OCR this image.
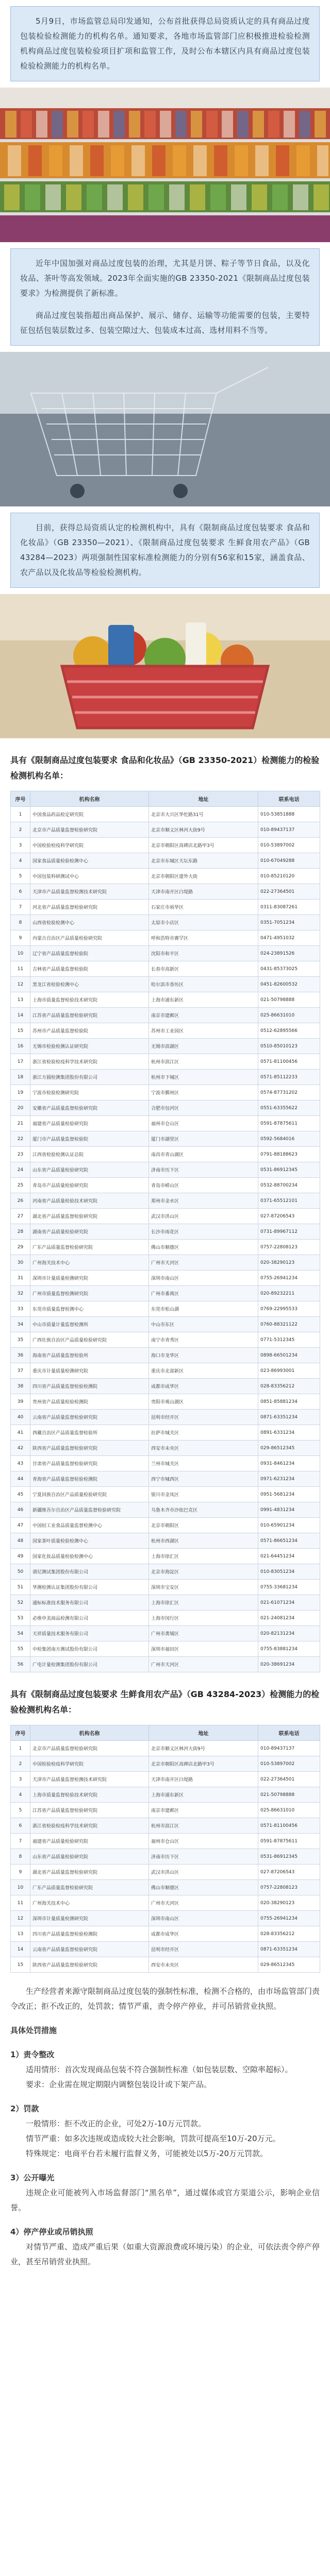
5月9日，市场监管总局印发通知，公布首批获得总局资质认定的具有商品过度包装检验检测能力的机构名单。通知要求，各地市场监管部门应积极推进检验检测机构商品过度包装检验项目扩项和监管工作，及时公布本辖区内具有商品过度包装检验检测能力的机构名单。

近年中国加强对商品过度包装的治理，尤其是月饼、粽子等节日食品，以及化妆品、茶叶等高发领域。2023年全面实施的GB 23350-2021《限制商品过度包装要求》为检测提供了新标准。

商品过度包装指超出商品保护、展示、储存、运输等功能需要的包装，主要特征包括包装层数过多、包装空隙过大、包装成本过高、选材用料不当等。

目前，获得总局资质认定的检测机构中，具有《限制商品过度包装要求 食品和化妆品》（GB 23350—2021）、《限制商品过度包装要求 生鲜食用农产品》（GB 43284—2023）两项强制性国家标准检测能力的分别有56家和15家，涵盖食品、农产品以及化妆品等检验检测机构。

具有《限制商品过度包装要求 食品和化妆品》（GB 23350-2021）检测能力的检验检测机构名单：
序号	机构名称	地址	联系电话
1	中国食品药品检定研究院	北京市大兴区华佗路31号	010-53851888
2	北京市产品质量监督检验研究院	北京市顺义区林河大街9号	010-89437137
3	中国检验检疫科学研究院	北京市朝阳区高碑店北路甲3号	010-53897002
4	国家食品质量检验检测中心	北京市东城区天坛东路	010-67049288
5	中国包装科研测试中心	北京市朝阳区建外大街	010-85210120
6	天津市产品质量监督检测技术研究院	天津市南开区白堤路	022-27364501
7	河北省产品质量监督检验研究院	石家庄市裕华区	0311-83087261
8	山西省检验检测中心	太原市小店区	0351-7051234
9	内蒙古自治区产品质量检验研究院	呼和浩特市赛罕区	0471-4951032
10	辽宁省产品质量监督检验院	沈阳市和平区	024-23891526
11	吉林省产品质量监督检验院	长春市高新区	0431-85373025
12	黑龙江省检验检测中心	哈尔滨市香坊区	0451-82600532
13	上海市质量监督检验技术研究院	上海市浦东新区	021-50798888
14	江苏省产品质量监督检验研究院	南京市建邺区	025-86631010
15	苏州市产品质量监督检验院	苏州市工业园区	0512-62895566
16	无锡市检验检测认证研究院	无锡市滨湖区	0510-85010123
17	浙江省检验检疫科学技术研究院	杭州市滨江区	0571-81100456
18	浙江方圆检测集团股份有限公司	杭州市下城区	0571-85112233
19	宁波市检验检测研究院	宁波市鄞州区	0574-87731202
20	安徽省产品质量监督检验研究院	合肥市包河区	0551-63355622
21	福建省产品质量检验研究院	福州市仓山区	0591-87875611
22	厦门市产品质量监督检验院	厦门市湖里区	0592-5684016
23	江西省检验检测认证总院	南昌市青山湖区	0791-88188623
24	山东省产品质量检验研究院	济南市历下区	0531-86912345
25	青岛市产品质量检验研究院	青岛市崂山区	0532-88700234
26	河南省产品质量检验技术研究院	郑州市金水区	0371-65512101
27	湖北省产品质量监督检验研究院	武汉市洪山区	027-87206543
28	湖南省产品质量检验研究院	长沙市雨花区	0731-89967112
29	广东产品质量监督检验研究院	佛山市顺德区	0757-22808123
30	广州海关技术中心	广州市天河区	020-38290123
31	深圳市计量质量检测研究院	深圳市南山区	0755-26941234
32	广州市质量监督检测研究院	广州市番禺区	020-89232211
33	东莞市质量监督检测中心	东莞市松山湖	0769-22995533
34	中山市质量计量监督检测所	中山市东区	0760-88321122
35	广西壮族自治区产品质量检验研究院	南宁市青秀区	0771-5312345
36	海南省产品质量监督检验所	海口市龙华区	0898-66501234
37	重庆市计量质量检测研究院	重庆市北部新区	023-86993001
38	四川省产品质量监督检验检测院	成都市成华区	028-83356212
39	贵州省产品质量检验检测院	贵阳市观山湖区	0851-85881234
40	云南省产品质量监督检验研究院	昆明市经开区	0871-63351234
41	西藏自治区产品质量监督检验所	拉萨市城关区	0891-6331234
42	陕西省产品质量监督检验研究院	西安市未央区	029-86512345
43	甘肃省产品质量监督检验研究院	兰州市城关区	0931-8461234
44	青海省产品质量监督检验检测院	西宁市城西区	0971-6231234
45	宁夏回族自治区产品质量检验研究院	银川市金凤区	0951-5681234
46	新疆维吾尔自治区产品质量监督检验研究院	乌鲁木齐市沙依巴克区	0991-4831234
47	中国轻工业食品质量监督检测中心	北京市朝阳区	010-65901234
48	国家茶叶质量检验检测中心	杭州市西湖区	0571-86651234
49	国家化妆品质量检验检测中心	上海市徐汇区	021-64451234
50	谱尼测试集团股份有限公司	北京市海淀区	010-83051234
51	华测检测认证集团股份有限公司	深圳市宝安区	0755-33681234
52	通标标准技术服务有限公司	上海市徐汇区	021-61071234
53	必维申美商品检测有限公司	上海市闵行区	021-24081234
54	天祥质量技术服务有限公司	广州市黄埔区	020-82131234
55	中检集团南方测试股份有限公司	深圳市福田区	0755-83881234
56	广电计量检测集团股份有限公司	广州市天河区	020-38691234
具有《限制商品过度包装要求 生鲜食用农产品》（GB 43284-2023）检测能力的检验检测机构名单：
序号	机构名称	地址	联系电话
1	北京市产品质量监督检验研究院	北京市顺义区林河大街9号	010-89437137
2	中国检验检疫科学研究院	北京市朝阳区高碑店北路甲3号	010-53897002
3	天津市产品质量监督检测技术研究院	天津市南开区白堤路	022-27364501
4	上海市质量监督检验技术研究院	上海市浦东新区	021-50798888
5	江苏省产品质量监督检验研究院	南京市建邺区	025-86631010
6	浙江省检验检疫科学技术研究院	杭州市滨江区	0571-81100456
7	福建省产品质量检验研究院	福州市仓山区	0591-87875611
8	山东省产品质量检验研究院	济南市历下区	0531-86912345
9	湖北省产品质量监督检验研究院	武汉市洪山区	027-87206543
10	广东产品质量监督检验研究院	佛山市顺德区	0757-22808123
11	广州海关技术中心	广州市天河区	020-38290123
12	深圳市计量质量检测研究院	深圳市南山区	0755-26941234
13	四川省产品质量监督检验检测院	成都市成华区	028-83356212
14	云南省产品质量监督检验研究院	昆明市经开区	0871-63351234
15	陕西省产品质量监督检验研究院	西安市未央区	029-86512345

生产经营者来源守限制商品过度包装的强制性标准，检测不合格的，由市场监管部门责令改正；拒不改正的，处罚款；情节严重，责令停产停业，并可吊销营业执照。

具体处罚措施
1）责令整改

适用情形：首次发现商品包装不符合强制性标准（如包装层数、空隙率超标）。

要求：企业需在规定期限内调整包装设计或下架产品。

2）罚款

一般情形：拒不改正的企业，可处2万-10万元罚款。

情节严重：如多次违规或造成较大社会影响，罚款可提高至10万-20万元。

特殊规定：电商平台若未履行监督义务，可能被处以5万-20万元罚款。

3）公开曝光

违规企业可能被列入市场监督部门“黑名单”，通过媒体或官方渠道公示，影响企业信誉。

4）停产停业或吊销执照

对情节严重、造成严重后果（如重大资源浪费或环境污染）的企业，可依法责令停产停业，甚至吊销营业执照。
